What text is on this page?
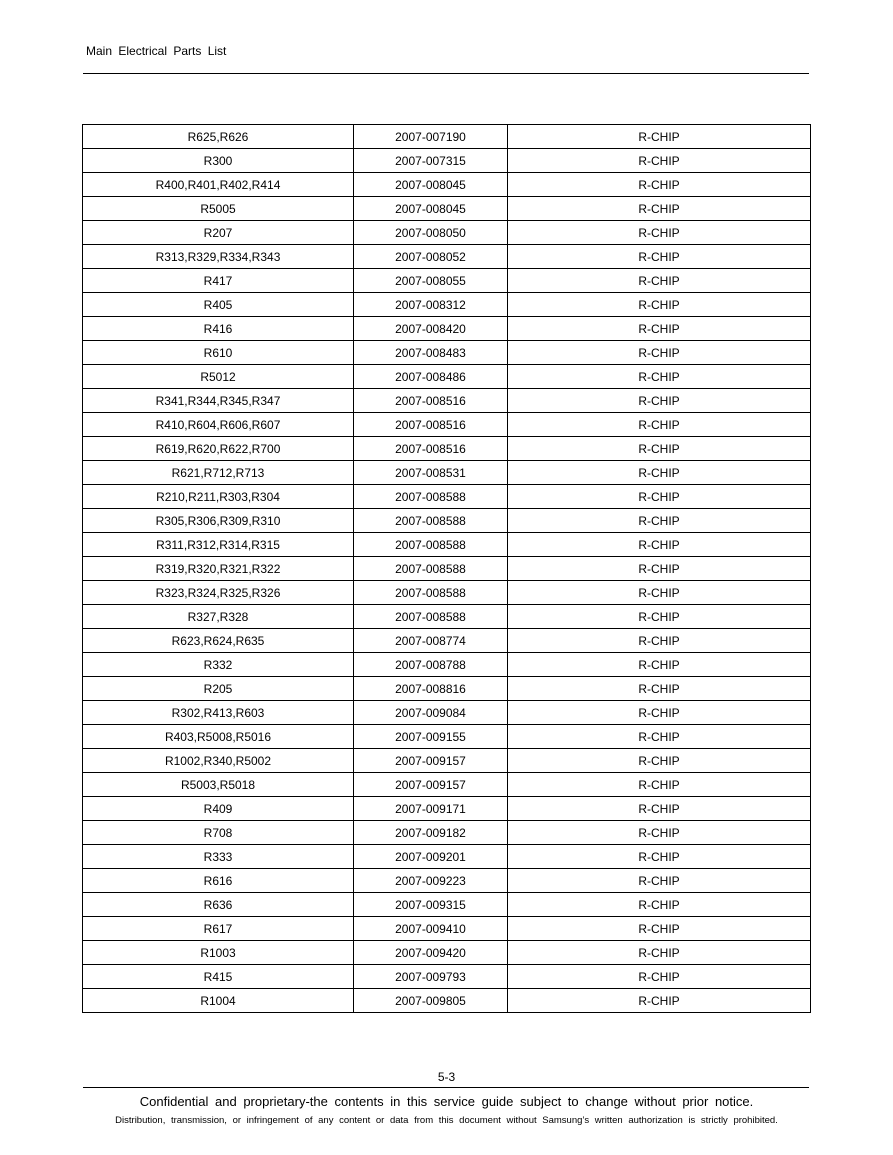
Main Electrical Parts List
R625,R626	2007-007190	R-CHIP
R300	2007-007315	R-CHIP
R400,R401,R402,R414	2007-008045	R-CHIP
R5005	2007-008045	R-CHIP
R207	2007-008050	R-CHIP
R313,R329,R334,R343	2007-008052	R-CHIP
R417	2007-008055	R-CHIP
R405	2007-008312	R-CHIP
R416	2007-008420	R-CHIP
R610	2007-008483	R-CHIP
R5012	2007-008486	R-CHIP
R341,R344,R345,R347	2007-008516	R-CHIP
R410,R604,R606,R607	2007-008516	R-CHIP
R619,R620,R622,R700	2007-008516	R-CHIP
R621,R712,R713	2007-008531	R-CHIP
R210,R211,R303,R304	2007-008588	R-CHIP
R305,R306,R309,R310	2007-008588	R-CHIP
R311,R312,R314,R315	2007-008588	R-CHIP
R319,R320,R321,R322	2007-008588	R-CHIP
R323,R324,R325,R326	2007-008588	R-CHIP
R327,R328	2007-008588	R-CHIP
R623,R624,R635	2007-008774	R-CHIP
R332	2007-008788	R-CHIP
R205	2007-008816	R-CHIP
R302,R413,R603	2007-009084	R-CHIP
R403,R5008,R5016	2007-009155	R-CHIP
R1002,R340,R5002	2007-009157	R-CHIP
R5003,R5018	2007-009157	R-CHIP
R409	2007-009171	R-CHIP
R708	2007-009182	R-CHIP
R333	2007-009201	R-CHIP
R616	2007-009223	R-CHIP
R636	2007-009315	R-CHIP
R617	2007-009410	R-CHIP
R1003	2007-009420	R-CHIP
R415	2007-009793	R-CHIP
R1004	2007-009805	R-CHIP
5-3
Confidential and proprietary-the contents in this service guide subject to change without prior notice.
Distribution, transmission, or infringement of any content or data from this document without Samsung’s written authorization is strictly prohibited.
